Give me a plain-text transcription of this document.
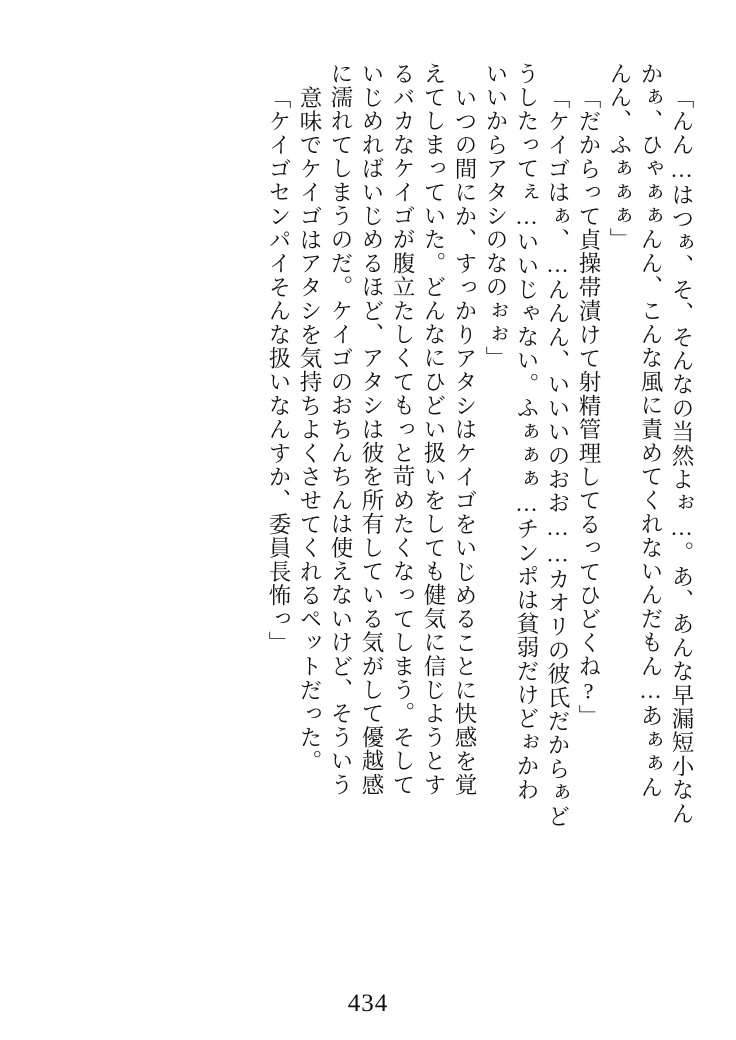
「んん…はつぁ、そ、そんなの当然よぉ…。あ、あんな早漏短小なん
かぁ、ひゃぁぁんん、こんな風に責めてくれないんだもん…あぁぁん
んん、ふぁぁぁ」
「だからって貞操帯漬けて射精管理してるってひどくね?」
「ケイゴはぁ、…んんん、いいいのおお……カオリの彼氏だからぁど
うしたってぇ…いいじゃない。ふぁぁぁ…チンポは貧弱だけどぉかわ
いいからアタシのなのぉぉ」
いつの間にか、すっかりアタシはケイゴをいじめることに快感を覚
えてしまっていた。どんなにひどい扱いをしても健気に信じようとす
るバカなケイゴが腹立たしくてもっと苛めたくなってしまう。そして
いじめればいじめるほど、アタシは彼を所有している気がして優越感
に濡れてしまうのだ。ケイゴのおちんちんは使えないけど、そういう
意味でケイゴはアタシを気持ちよくさせてくれるペットだった。
「ケイゴセンパイそんな扱いなんすか、委員長怖っ」
434
